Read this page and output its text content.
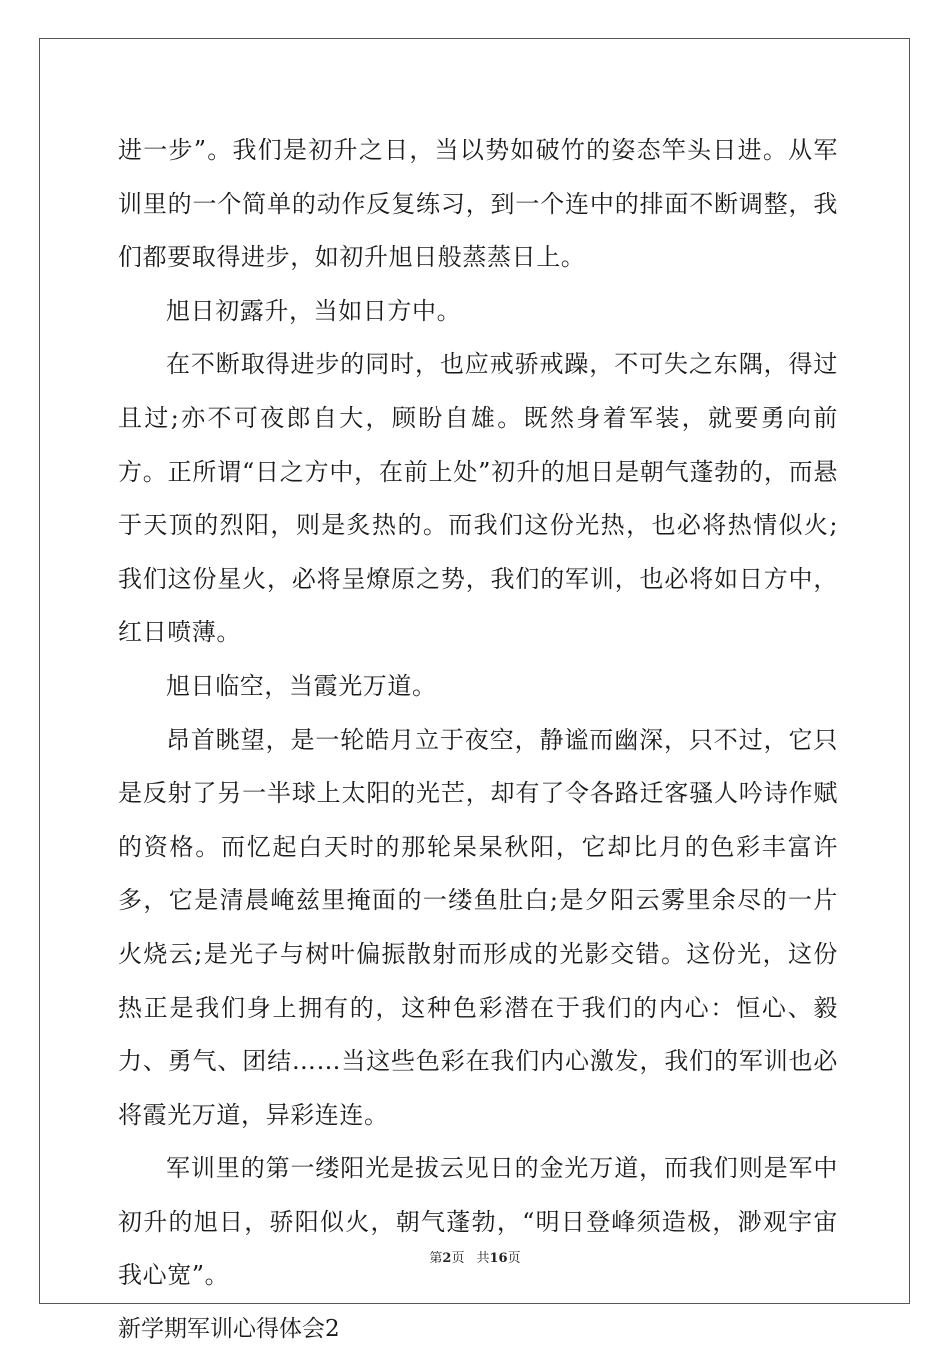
进一步”。我们是初升之日，当以势如破竹的姿态竿头日进。从军训里的一个简单的动作反复练习，到一个连中的排面不断调整，我们都要取得进步，如初升旭日般蒸蒸日上。

旭日初露升，当如日方中。

在不断取得进步的同时，也应戒骄戒躁，不可失之东隅，得过且过;亦不可夜郎自大，顾盼自雄。既然身着军装，就要勇向前方。正所谓“日之方中，在前上处”初升的旭日是朝气蓬勃的，而悬于天顶的烈阳，则是炙热的。而我们这份光热，也必将热情似火;我们这份星火，必将呈燎原之势，我们的军训，也必将如日方中，红日喷薄。

旭日临空，当霞光万道。

昂首眺望，是一轮皓月立于夜空，静谧而幽深，只不过，它只是反射了另一半球上太阳的光芒，却有了令各路迁客骚人吟诗作赋的资格。而忆起白天时的那轮杲杲秋阳，它却比月的色彩丰富许多，它是清晨崦兹里掩面的一缕鱼肚白;是夕阳云雾里余尽的一片火烧云;是光子与树叶偏振散射而形成的光影交错。这份光，这份热正是我们身上拥有的，这种色彩潜在于我们的内心：恒心、毅力、勇气、团结……当这些色彩在我们内心激发，我们的军训也必将霞光万道，异彩连连。

军训里的第一缕阳光是拔云见日的金光万道，而我们则是军中初升的旭日，骄阳似火，朝气蓬勃，“明日登峰须造极，渺观宇宙我心宽”。

新学期军训心得体会2

第2页 共16页
